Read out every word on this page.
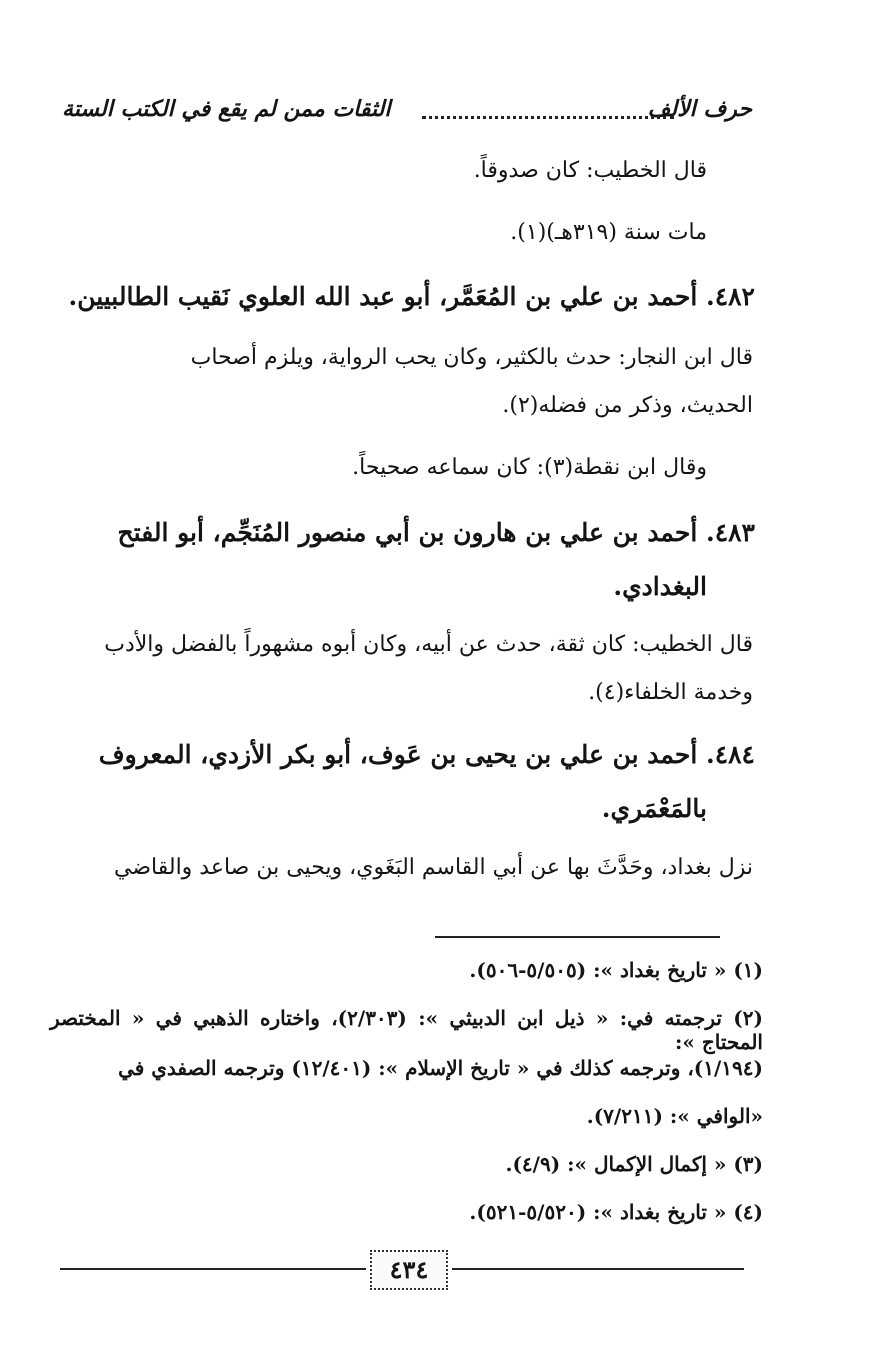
حرف الألف
الثقات ممن لم يقع في الكتب الستة
قال الخطيب: كان صدوقاً.
مات سنة (٣١٩هـ)(١).
٤٨٢. أحمد بن علي بن المُعَمَّر، أبو عبد الله العلوي نَقيب الطالبيين.
قال ابن النجار: حدث بالكثير، وكان يحب الرواية، ويلزم أصحاب
الحديث، وذكر من فضله(٢).
وقال ابن نقطة(٣): كان سماعه صحيحاً.
٤٨٣. أحمد بن علي بن هارون بن أبي منصور المُنَجِّم، أبو الفتح
البغدادي.
قال الخطيب: كان ثقة، حدث عن أبيه، وكان أبوه مشهوراً بالفضل والأدب
وخدمة الخلفاء(٤).
٤٨٤. أحمد بن علي بن يحيى بن عَوف، أبو بكر الأزدي، المعروف
بالمَعْمَري.
نزل بغداد، وحَدَّثَ بها عن أبي القاسم البَغَوي، ويحيى بن صاعد والقاضي
(١) « تاريخ بغداد »: (٥/٥٠٥-٥٠٦).
(٢) ترجمته في: « ذيل ابن الدبيثي »: (٢/٣٠٣)، واختاره الذهبي في « المختصر المحتاج »:
(١/١٩٤)، وترجمه كذلك في « تاريخ الإسلام »: (١٢/٤٠١) وترجمه الصفدي في
«الوافي »: (٧/٢١١).
(٣) « إكمال الإكمال »: (٤/٩).
(٤) « تاريخ بغداد »: (٥/٥٢٠-٥٢١).
٤٣٤
